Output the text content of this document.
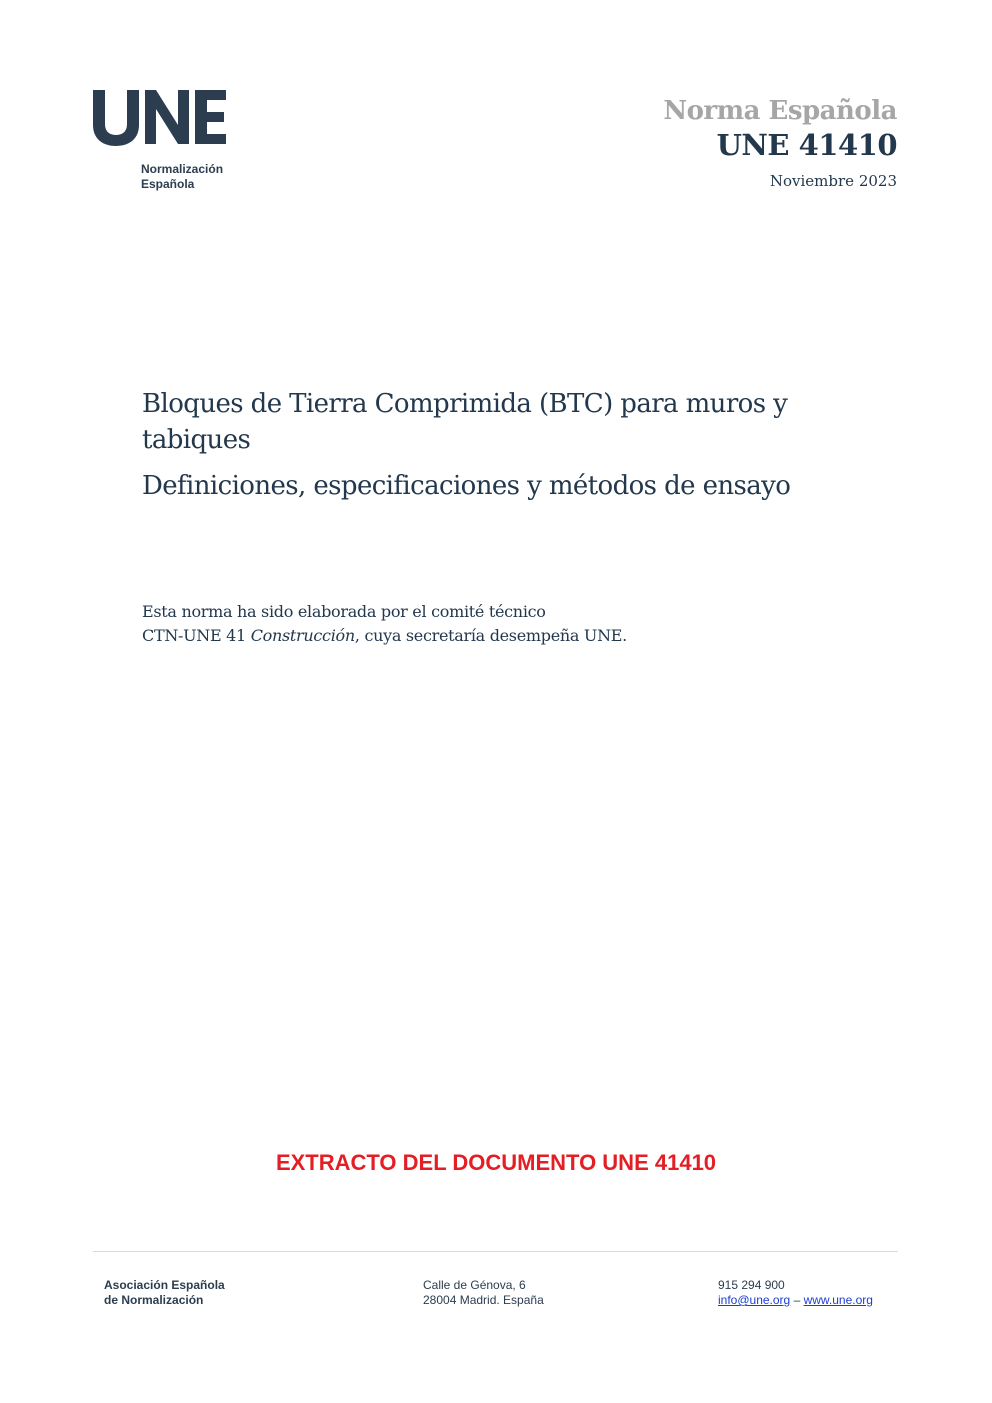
Normalización
Española
Norma Española
UNE 41410
Noviembre 2023
Bloques de Tierra Comprimida (BTC) para muros y tabiques
Definiciones, especificaciones y métodos de ensayo
Esta norma ha sido elaborada por el comité técnico
CTN-UNE 41 Construcción, cuya secretaría desempeña UNE.
EXTRACTO DEL DOCUMENTO UNE 41410
Asociación Española
de Normalización
Calle de Génova, 6
28004 Madrid. España
915 294 900
info@une.org – www.une.org
